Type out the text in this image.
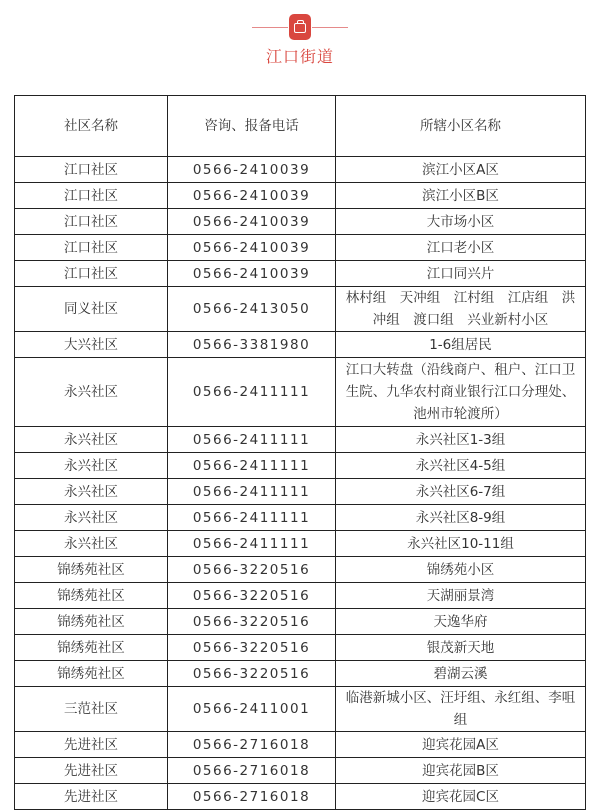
江口街道
社区名称	咨询、报备电话	所辖小区名称
江口社区	0566-2410039	滨江小区A区
江口社区	0566-2410039	滨江小区B区
江口社区	0566-2410039	大市场小区
江口社区	0566-2410039	江口老小区
江口社区	0566-2410039	江口同兴片
同义社区	0566-2413050	林村组　天冲组　江村组　江店组　洪冲组　渡口组　兴业新村小区
大兴社区	0566-3381980	1-6组居民
永兴社区	0566-2411111	江口大转盘（沿线商户、租户、江口卫生院、九华农村商业银行江口分理处、池州市轮渡所）
永兴社区	0566-2411111	永兴社区1-3组
永兴社区	0566-2411111	永兴社区4-5组
永兴社区	0566-2411111	永兴社区6-7组
永兴社区	0566-2411111	永兴社区8-9组
永兴社区	0566-2411111	永兴社区10-11组
锦绣苑社区	0566-3220516	锦绣苑小区
锦绣苑社区	0566-3220516	天湖丽景湾
锦绣苑社区	0566-3220516	天逸华府
锦绣苑社区	0566-3220516	银茂新天地
锦绣苑社区	0566-3220516	碧湖云溪
三范社区	0566-2411001	临港新城小区、汪圩组、永红组、李咀组
先进社区	0566-2716018	迎宾花园A区
先进社区	0566-2716018	迎宾花园B区
先进社区	0566-2716018	迎宾花园C区
